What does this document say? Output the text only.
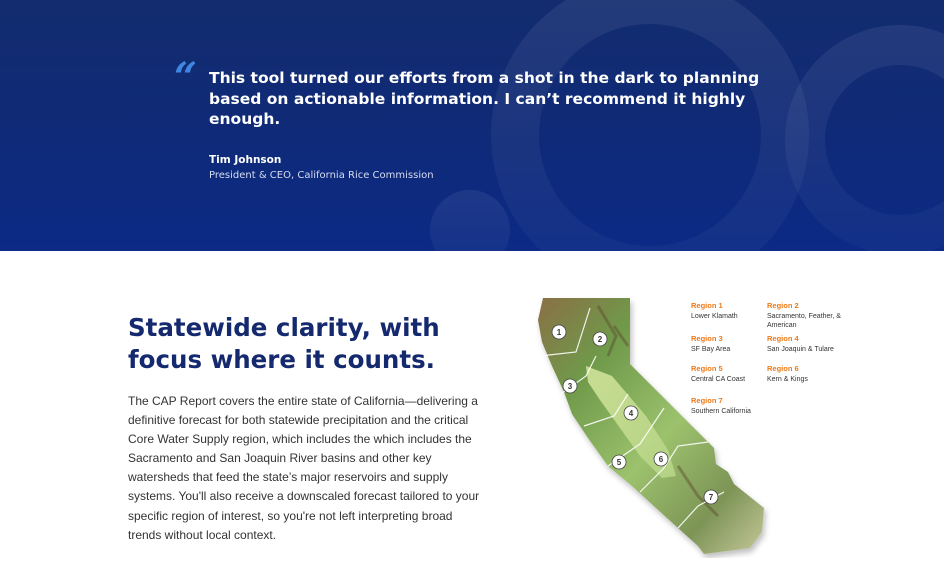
“ This tool turned our efforts from a shot in the dark to planning based on actionable information. I can’t recommend it highly enough.

Tim Johnson
President & CEO, California Rice Commission
Statewide clarity, with focus where it counts.

The CAP Report covers the entire state of California—delivering a definitive forecast for both statewide precipitation and the critical Core Water Supply region, which includes the which includes the Sacramento and San Joaquin River basins and other key watersheds that feed the state’s major reservoirs and supply systems. You'll also receive a downscaled forecast tailored to your specific region of interest, so you're not left interpreting broad trends without local context.

1
2
3
4
5	6
7
Region 1
Lower Klamath
Region 2
Sacramento, Feather, & American
Region 3
SF Bay Area
Region 4
San Joaquin & Tulare
Region 5
Central CA Coast
Region 6
Kern & Kings
Region 7
Southern California
